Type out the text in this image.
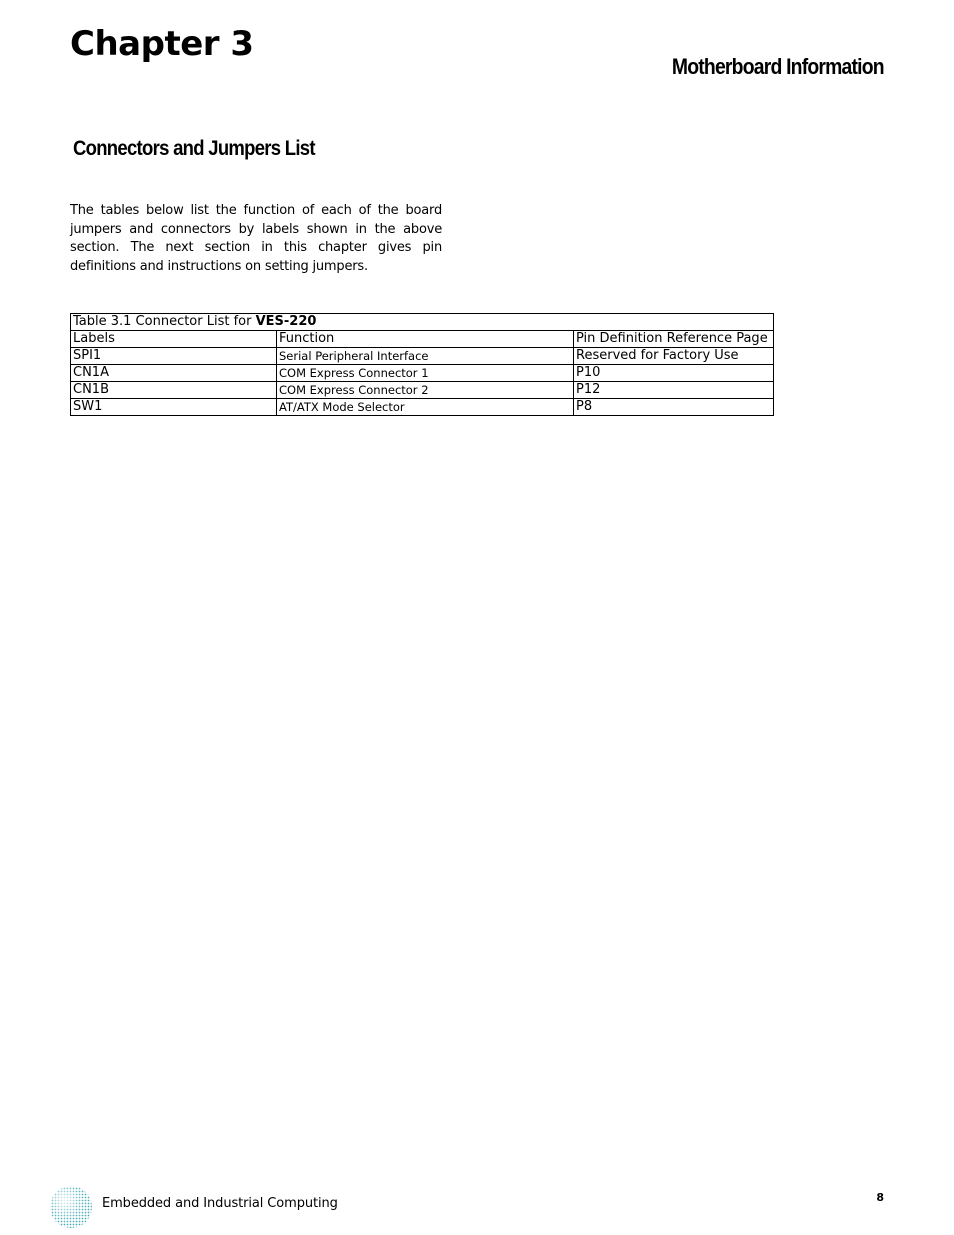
Chapter 3
Motherboard Information
Connectors and Jumpers List

The tables below list the function of each of the board jumpers and connectors by labels shown in the above section. The next section in this chapter gives pin definitions and instructions on setting jumpers.

Table 3.1 Connector List for VES-220		
Labels	Function	Pin Definition Reference Page
SPI1	Serial Peripheral Interface	Reserved for Factory Use
CN1A	COM Express Connector 1	P10
CN1B	COM Express Connector 2	P12
SW1	AT/ATX Mode Selector	P8
Embedded and Industrial Computing	8
